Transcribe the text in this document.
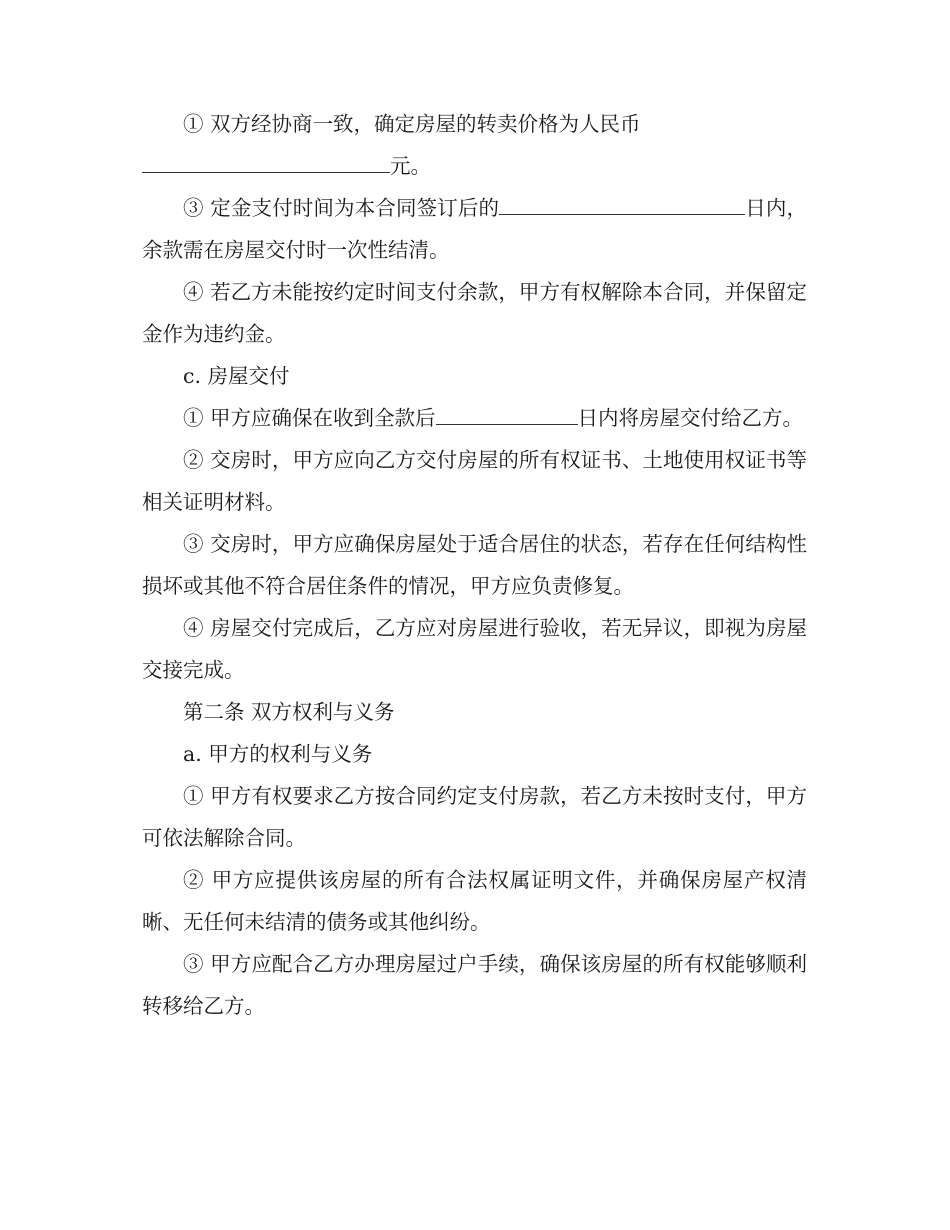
① 双方经协商一致，确定房屋的转卖价格为人民币
元。

③ 定金支付时间为本合同签订后的	日内，余款需在房屋交付时一次性结清。

④ 若乙方未能按约定时间支付余款，甲方有权解除本合同，并保留定金作为违约金。

c. 房屋交付

① 甲方应确保在收到全款后	日内将房屋交付给乙方。

② 交房时，甲方应向乙方交付房屋的所有权证书、土地使用权证书等相关证明材料。

③ 交房时，甲方应确保房屋处于适合居住的状态，若存在任何结构性损坏或其他不符合居住条件的情况，甲方应负责修复。

④ 房屋交付完成后，乙方应对房屋进行验收，若无异议，即视为房屋交接完成。

第二条 双方权利与义务

a. 甲方的权利与义务

① 甲方有权要求乙方按合同约定支付房款，若乙方未按时支付，甲方可依法解除合同。

② 甲方应提供该房屋的所有合法权属证明文件，并确保房屋产权清晰、无任何未结清的债务或其他纠纷。

③ 甲方应配合乙方办理房屋过户手续，确保该房屋的所有权能够顺利转移给乙方。
